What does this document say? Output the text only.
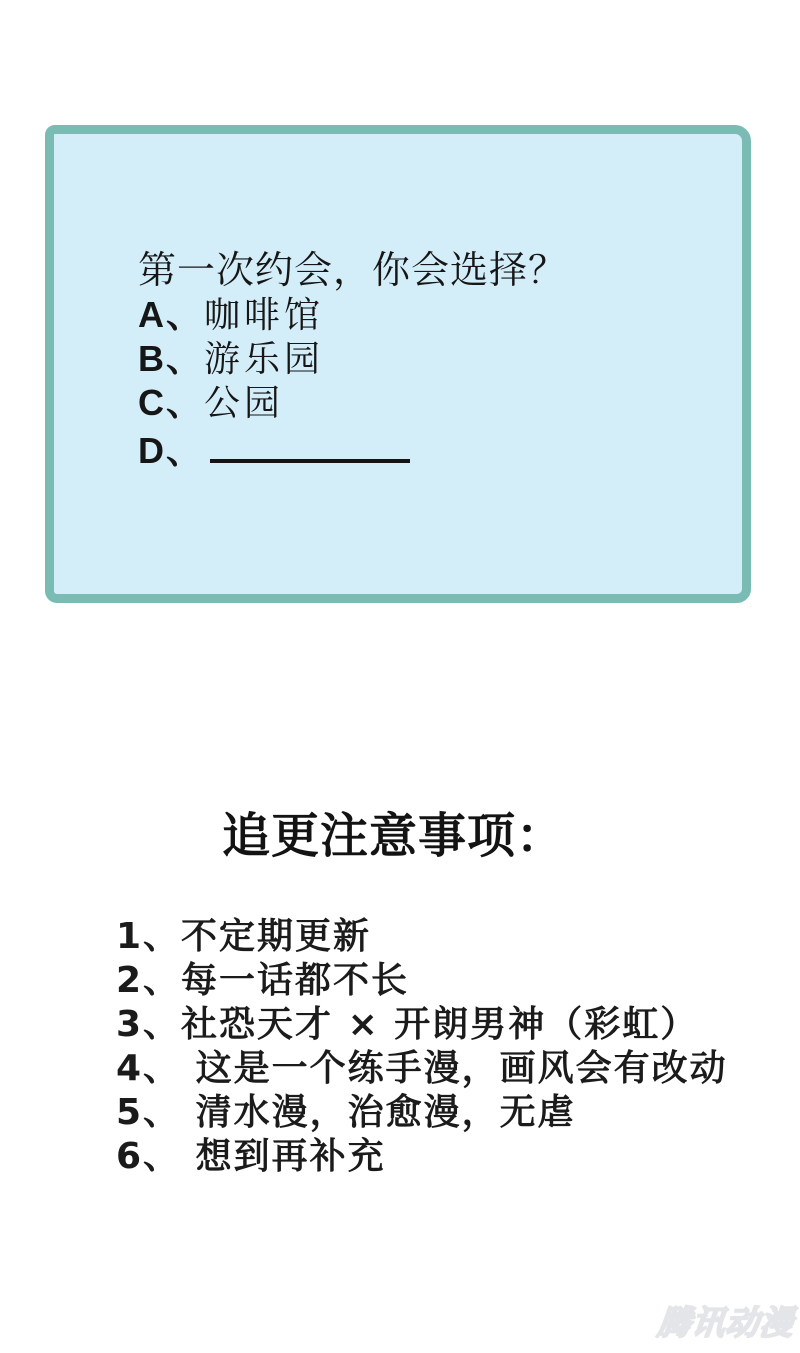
第一次约会，你会选择？
A、咖啡馆
B、游乐园
C、公园
D、
追更注意事项：
1、不定期更新
2、每一话都不长
3、社恐天才 × 开朗男神（彩虹）
4、 这是一个练手漫，画风会有改动
5、 清水漫，治愈漫，无虐
6、 想到再补充
腾讯动漫
